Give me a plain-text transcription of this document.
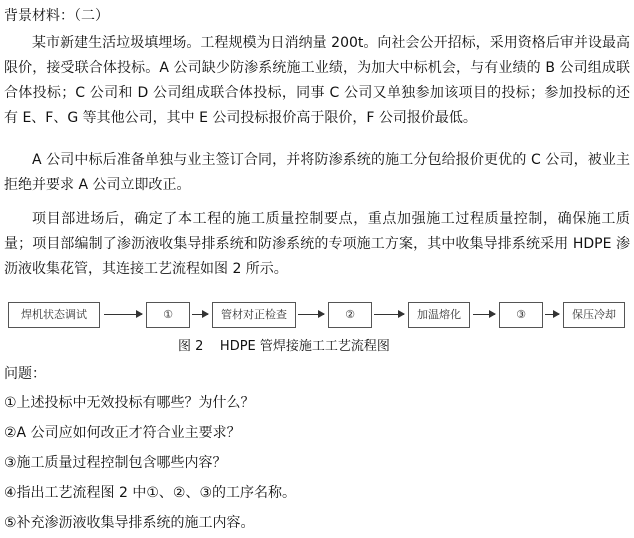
背景材料：（二）
某市新建生活垃圾填埋场。工程规模为日消纳量 200t。向社会公开招标，采用资格后审并设最高限价，接受联合体投标。A 公司缺少防渗系统施工业绩，为加大中标机会，与有业绩的 B 公司组成联合体投标；C 公司和 D 公司组成联合体投标，同事 C 公司又单独参加该项目的投标；参加投标的还有 E、F、G 等其他公司，其中 E 公司投标报价高于限价，F 公司报价最低。
A 公司中标后准备单独与业主签订合同，并将防渗系统的施工分包给报价更优的 C 公司，被业主拒绝并要求 A 公司立即改正。
项目部进场后，确定了本工程的施工质量控制要点，重点加强施工过程质量控制，确保施工质量；项目部编制了渗沥液收集导排系统和防渗系统的专项施工方案，其中收集导排系统采用 HDPE 渗沥液收集花管，其连接工艺流程如图 2 所示。
焊机状态调试	①	管材对正检查	②	加温熔化	③	保压冷却
图 2    HDPE 管焊接施工工艺流程图
问题：
①上述投标中无效投标有哪些？为什么？
②A 公司应如何改正才符合业主要求？
③施工质量过程控制包含哪些内容？
④指出工艺流程图 2 中①、②、③的工序名称。
⑤补充渗沥液收集导排系统的施工内容。
